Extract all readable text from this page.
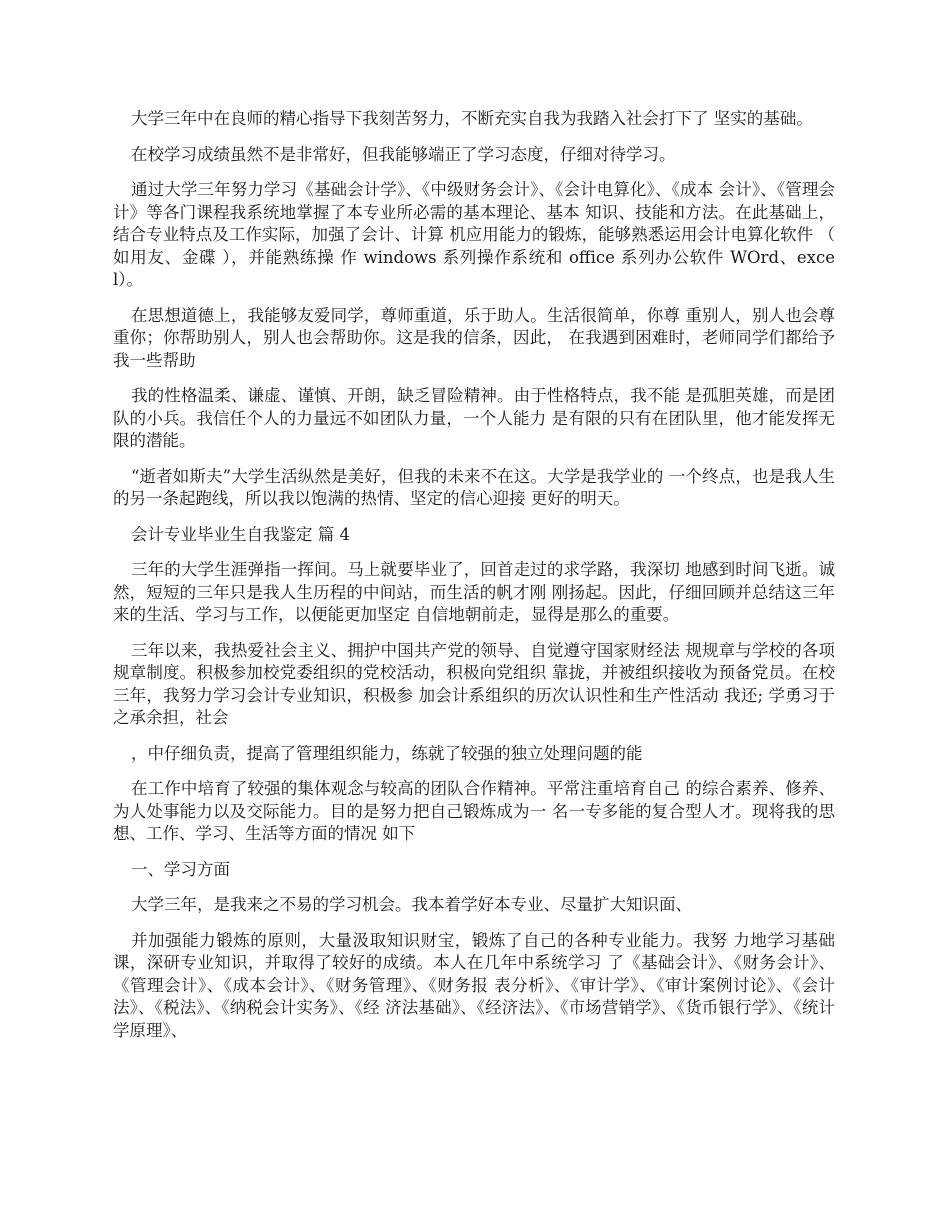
大学三年中在良师的精心指导下我刻苦努力，不断充实自我为我踏入社会打下了 坚实的基础。

在校学习成绩虽然不是非常好，但我能够端正了学习态度，仔细对待学习。

通过大学三年努力学习《基础会计学》、《中级财务会计》、《会计电算化》、《成本 会计》、《管理会计》等各门课程我系统地掌握了本专业所必需的基本理论、基本 知识、技能和方法。在此基础上，结合专业特点及工作实际，加强了会计、计算 机应用能力的锻炼，能够熟悉运用会计电算化软件 （ 如用友、金碟 ），并能熟练操 作 windows 系列操作系统和 office 系列办公软件 WOrd、excel）。

在思想道德上，我能够友爱同学，尊师重道，乐于助人。生活很简单，你尊 重别人，别人也会尊重你；你帮助别人，别人也会帮助你。这是我的信条，因此， 在我遇到困难时，老师同学们都给予我一些帮助

我的性格温柔、谦虚、谨慎、开朗，缺乏冒险精神。由于性格特点，我不能 是孤胆英雄，而是团队的小兵。我信任个人的力量远不如团队力量，一个人能力 是有限的只有在团队里，他才能发挥无限的潜能。

“逝者如斯夫”大学生活纵然是美好，但我的未来不在这。大学是我学业的 一个终点，也是我人生的另一条起跑线，所以我以饱满的热情、坚定的信心迎接 更好的明天。

会计专业毕业生自我鉴定 篇 4

三年的大学生涯弹指一挥间。马上就要毕业了，回首走过的求学路，我深切 地感到时间飞逝。诚然，短短的三年只是我人生历程的中间站，而生活的帆才刚 刚扬起。因此，仔细回顾并总结这三年来的生活、学习与工作，以便能更加坚定 自信地朝前走，显得是那么的重要。

三年以来，我热爱社会主义、拥护中国共产党的领导、自觉遵守国家财经法 规规章与学校的各项规章制度。积极参加校党委组织的党校活动，积极向党组织 靠拢，并被组织接收为预备党员。在校三年，我努力学习会计专业知识，积极参 加会计系组织的历次认识性和生产性活动 我还; 学勇习于之承余担，社会

，中仔细负责，提高了管理组织能力，练就了较强的独立处理问题的能

在工作中培育了较强的集体观念与较高的团队合作精神。平常注重培育自己 的综合素养、修养、为人处事能力以及交际能力。目的是努力把自己锻炼成为一 名一专多能的复合型人才。现将我的思想、工作、学习、生活等方面的情况 如下

一、学习方面

大学三年，是我来之不易的学习机会。我本着学好本专业、尽量扩大知识面、

并加强能力锻炼的原则，大量汲取知识财宝，锻炼了自己的各种专业能力。我努 力地学习基础课，深研专业知识，并取得了较好的成绩。本人在几年中系统学习 了《基础会计》、《财务会计》、《管理会计》、《成本会计》、《财务管理》、《财务报 表分析》、《审计学》、《审计案例讨论》、《会计法》、《税法》、《纳税会计实务》、《经 济法基础》、《经济法》、《市场营销学》、《货币银行学》、《统计学原理》、
